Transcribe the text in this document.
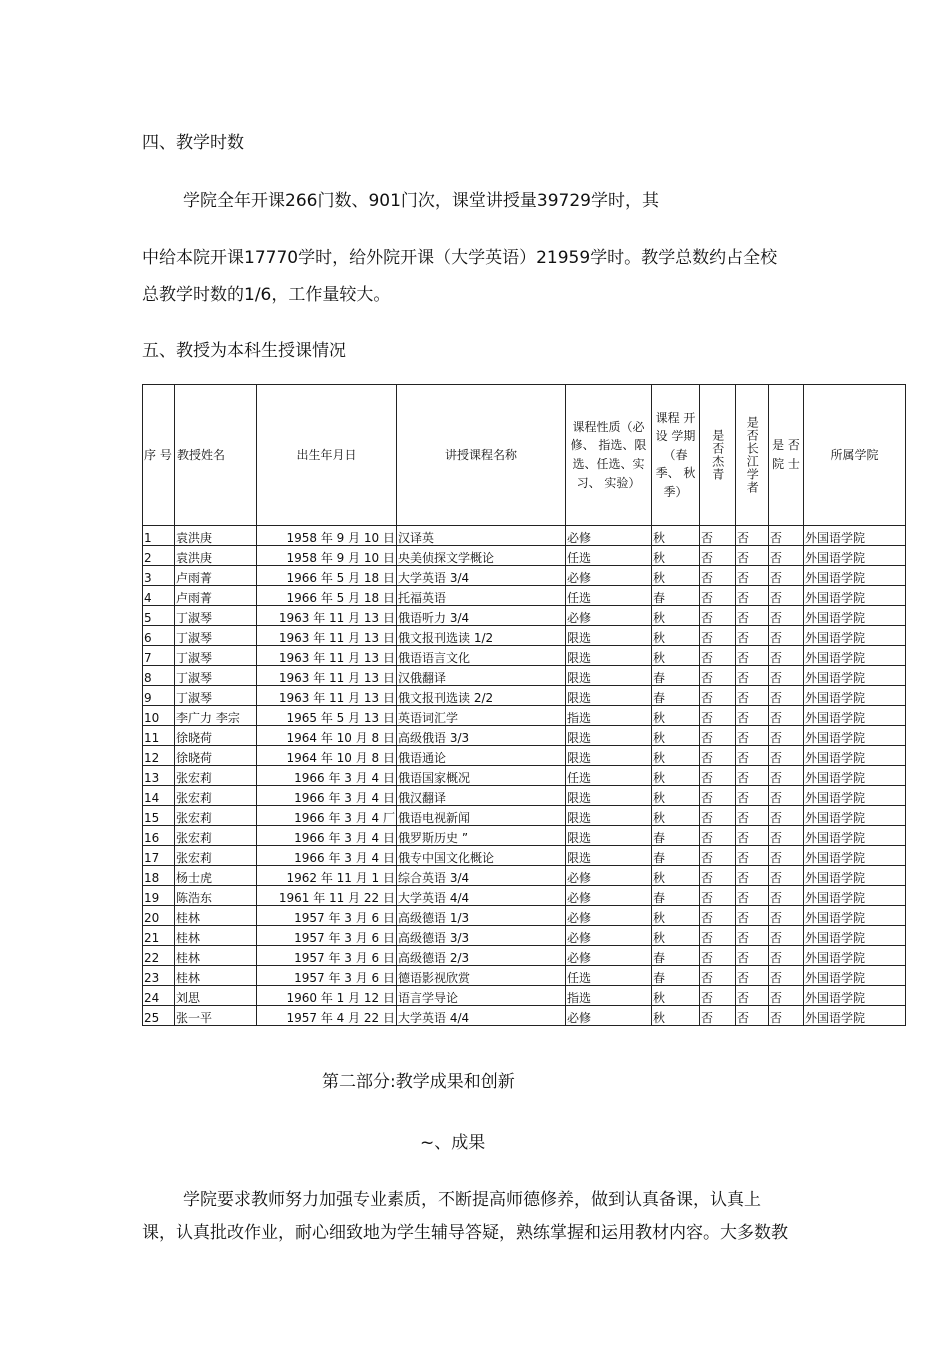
四、教学时数
学院全年开课266门数、901门次，课堂讲授量39729学时，其
中给本院开课17770学时，给外院开课（大学英语）21959学时。教学总数约占全校
总教学时数的1/6，工作量较大。
五、教授为本科生授课情况
序 号	教授姓名	出生年月日	讲授课程名称	课程性质（必修、 指选、限 选、任选、实习、 实验）	课程 开设 学期（春季、 秋季）	是否杰青	是否长江学者	是 否 院 士	所属学院
1	袁洪庚	1958 年 9 月 10 日	汉译英	必修	秋	否	否	否	外国语学院
2	袁洪庚	1958 年 9 月 10 日	央美侦探文学概论	任选	秋	否	否	否	外国语学院
3	卢雨菁	1966 年 5 月 18 日	大学英语 3/4	必修	秋	否	否	否	外国语学院
4	卢雨菁	1966 年 5 月 18 日	托福英语	任选	春	否	否	否	外国语学院
5	丁淑琴	1963 年 11 月 13 日	俄语听力 3/4	必修	秋	否	否	否	外国语学院
6	丁淑琴	1963 年 11 月 13 日	俄文报刊选读 1/2	限选	秋	否	否	否	外国语学院
7	丁淑琴	1963 年 11 月 13 日	俄语语言文化	限选	秋	否	否	否	外国语学院
8	丁淑琴	1963 年 11 月 13 日	汉俄翻译	限选	春	否	否	否	外国语学院
9	丁淑琴	1963 年 11 月 13 日	俄文报刊选读 2/2	限选	春	否	否	否	外国语学院
10	李广力 李宗	1965 年 5 月 13 日	英语词汇学	指选	秋	否	否	否	外国语学院
11	徐晓荷	1964 年 10 月 8 日	高级俄语 3/3	限选	秋	否	否	否	外国语学院
12	徐晓荷	1964 年 10 月 8 日	俄语通论	限选	秋	否	否	否	外国语学院
13	张宏莉	1966 年 3 月 4 日	俄语国家概况	任选	秋	否	否	否	外国语学院
14	张宏莉	1966 年 3 月 4 日	俄汉翻译	限选	秋	否	否	否	外国语学院
15	张宏莉	1966 年 3 月 4 厂	俄语电视新闻	限选	秋	否	否	否	外国语学院
16	张宏莉	1966 年 3 月 4 日	俄罗斯历史 ”	限选	春	否	否	否	外国语学院
17	张宏莉	1966 年 3 月 4 日	俄专中国文化概论	限选	春	否	否	否	外国语学院
18	杨士虎	1962 年 11 月 1 日	综合英语 3/4	必修	秋	否	否	否	外国语学院
19	陈浩东	1961 年 11 月 22 日	大学英语 4/4	必修	春	否	否	否	外国语学院
20	桂林	1957 年 3 月 6 日	高级德语 1/3	必修	秋	否	否	否	外国语学院
21	桂林	1957 年 3 月 6 日	高级德语 3/3	必修	秋	否	否	否	外国语学院
22	桂林	1957 年 3 月 6 日	高级德语 2/3	必修	春	否	否	否	外国语学院
23	桂林	1957 年 3 月 6 日	德语影视欣赏	任选	春	否	否	否	外国语学院
24	刘思	1960 年 1 月 12 日	语言学导论	指选	秋	否	否	否	外国语学院
25	张一平	1957 年 4 月 22 日	大学英语 4/4	必修	秋	否	否	否	外国语学院
第二部分:教学成果和创新
~、成果
学院要求教师努力加强专业素质，不断提高师德修养，做到认真备课，认真上
课，认真批改作业，耐心细致地为学生辅导答疑，熟练掌握和运用教材内容。大多数教
